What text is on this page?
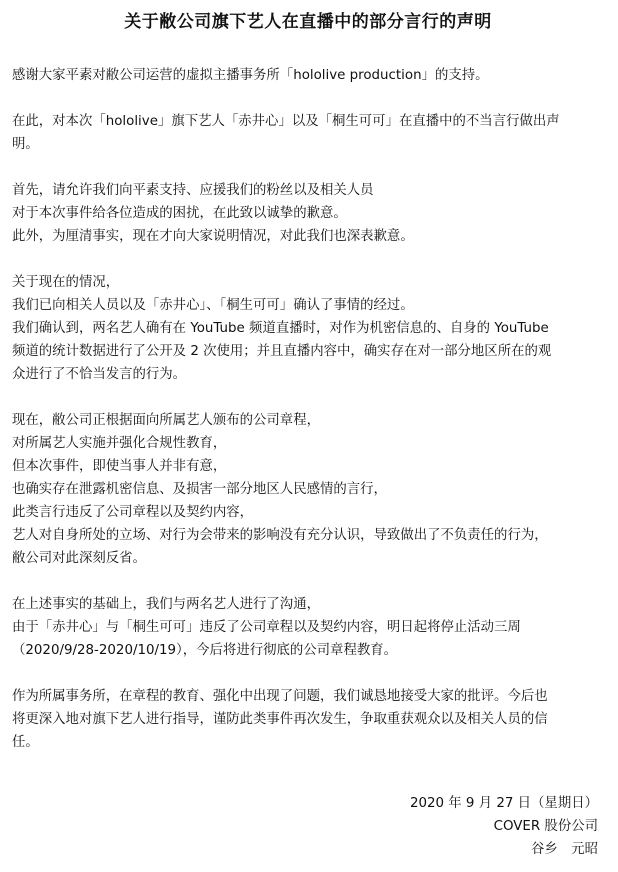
关于敝公司旗下艺人在直播中的部分言行的声明
感谢大家平素对敝公司运营的虚拟主播事务所「hololive production」的支持。
在此，对本次「hololive」旗下艺人「赤井心」以及「桐生可可」在直播中的不当言行做出声
明。
首先，请允许我们向平素支持、应援我们的粉丝以及相关人员
对于本次事件给各位造成的困扰，在此致以诚挚的歉意。
此外，为厘清事实，现在才向大家说明情况，对此我们也深表歉意。
关于现在的情况，
我们已向相关人员以及「赤井心」、「桐生可可」确认了事情的经过。
我们确认到，两名艺人确有在 YouTube 频道直播时，对作为机密信息的、自身的 YouTube
频道的统计数据进行了公开及 2 次使用；并且直播内容中，确实存在对一部分地区所在的观
众进行了不恰当发言的行为。
现在，敝公司正根据面向所属艺人颁布的公司章程，
对所属艺人实施并强化合规性教育，
但本次事件，即使当事人并非有意，
也确实存在泄露机密信息、及损害一部分地区人民感情的言行，
此类言行违反了公司章程以及契约内容，
艺人对自身所处的立场、对行为会带来的影响没有充分认识，导致做出了不负责任的行为，
敝公司对此深刻反省。
在上述事实的基础上，我们与两名艺人进行了沟通，
由于「赤井心」与「桐生可可」违反了公司章程以及契约内容，明日起将停止活动三周
（2020/9/28-2020/10/19），今后将进行彻底的公司章程教育。
作为所属事务所，在章程的教育、强化中出现了问题，我们诚恳地接受大家的批评。今后也
将更深入地对旗下艺人进行指导，谨防此类事件再次发生，争取重获观众以及相关人员的信
任。
2020 年 9 月 27 日（星期日）
COVER 股份公司
谷乡　元昭
